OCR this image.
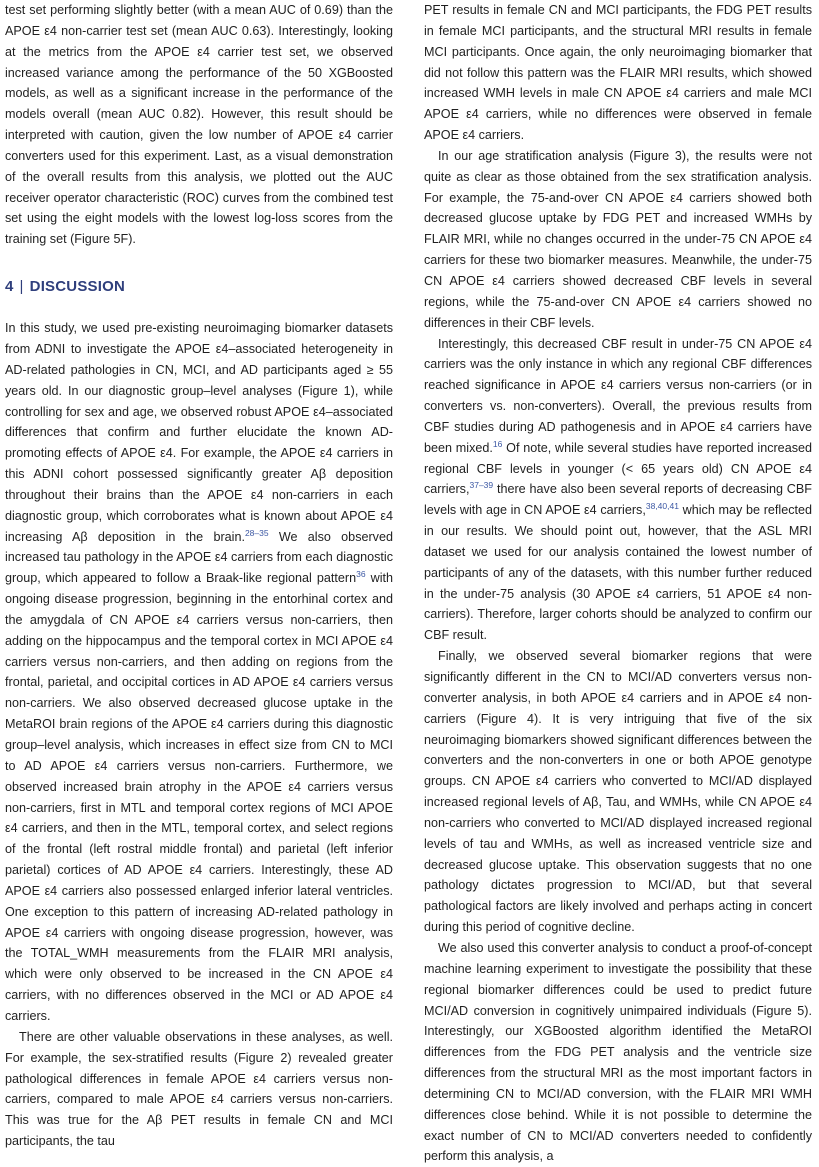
test set performing slightly better (with a mean AUC of 0.69) than the APOE ε4 non-carrier test set (mean AUC 0.63). Interestingly, looking at the metrics from the APOE ε4 carrier test set, we observed increased variance among the performance of the 50 XGBoosted models, as well as a significant increase in the performance of the models overall (mean AUC 0.82). However, this result should be interpreted with caution, given the low number of APOE ε4 carrier converters used for this experiment. Last, as a visual demonstration of the overall results from this analysis, we plotted out the AUC receiver operator characteristic (ROC) curves from the combined test set using the eight models with the lowest log-loss scores from the training set (Figure 5F).

4 | DISCUSSION

In this study, we used pre-existing neuroimaging biomarker datasets from ADNI to investigate the APOE ε4–associated heterogeneity in AD-related pathologies in CN, MCI, and AD participants aged ≥ 55 years old. In our diagnostic group–level analyses (Figure 1), while controlling for sex and age, we observed robust APOE ε4–associated differences that confirm and further elucidate the known AD-promoting effects of APOE ε4. For example, the APOE ε4 carriers in this ADNI cohort possessed significantly greater Aβ deposition throughout their brains than the APOE ε4 non-carriers in each diagnostic group, which corroborates what is known about APOE ε4 increasing Aβ deposition in the brain.$^{28-35}$ We also observed increased tau pathology in the APOE ε4 carriers from each diagnostic group, which appeared to follow a Braak-like regional pattern$^{36}$ with ongoing disease progression, beginning in the entorhinal cortex and the amygdala of CN APOE ε4 carriers versus non-carriers, then adding on the hippocampus and the temporal cortex in MCI APOE ε4 carriers versus non-carriers, and then adding on regions from the frontal, parietal, and occipital cortices in AD APOE ε4 carriers versus non-carriers. We also observed decreased glucose uptake in the MetaROI brain regions of the APOE ε4 carriers during this diagnostic group–level analysis, which increases in effect size from CN to MCI to AD APOE ε4 carriers versus non-carriers. Furthermore, we observed increased brain atrophy in the APOE ε4 carriers versus non-carriers, first in MTL and temporal cortex regions of MCI APOE ε4 carriers, and then in the MTL, temporal cortex, and select regions of the frontal (left rostral middle frontal) and parietal (left inferior parietal) cortices of AD APOE ε4 carriers. Interestingly, these AD APOE ε4 carriers also possessed enlarged inferior lateral ventricles. One exception to this pattern of increasing AD-related pathology in APOE ε4 carriers with ongoing disease progression, however, was the TOTAL_WMH measurements from the FLAIR MRI analysis, which were only observed to be increased in the CN APOE ε4 carriers, with no differences observed in the MCI or AD APOE ε4 carriers.

There are other valuable observations in these analyses, as well. For example, the sex-stratified results (Figure 2) revealed greater pathological differences in female APOE ε4 carriers versus non-carriers, compared to male APOE ε4 carriers versus non-carriers. This was true for the Aβ PET results in female CN and MCI participants, the tau

PET results in female CN and MCI participants, the FDG PET results in female MCI participants, and the structural MRI results in female MCI participants. Once again, the only neuroimaging biomarker that did not follow this pattern was the FLAIR MRI results, which showed increased WMH levels in male CN APOE ε4 carriers and male MCI APOE ε4 carriers, while no differences were observed in female APOE ε4 carriers.

In our age stratification analysis (Figure 3), the results were not quite as clear as those obtained from the sex stratification analysis. For example, the 75-and-over CN APOE ε4 carriers showed both decreased glucose uptake by FDG PET and increased WMHs by FLAIR MRI, while no changes occurred in the under-75 CN APOE ε4 carriers for these two biomarker measures. Meanwhile, the under-75 CN APOE ε4 carriers showed decreased CBF levels in several regions, while the 75-and-over CN APOE ε4 carriers showed no differences in their CBF levels.

Interestingly, this decreased CBF result in under-75 CN APOE ε4 carriers was the only instance in which any regional CBF differences reached significance in APOE ε4 carriers versus non-carriers (or in converters vs. non-converters). Overall, the previous results from CBF studies during AD pathogenesis and in APOE ε4 carriers have been mixed.$^{16}$ Of note, while several studies have reported increased regional CBF levels in younger (< 65 years old) CN APOE ε4 carriers,$^{37-39}$ there have also been several reports of decreasing CBF levels with age in CN APOE ε4 carriers,$^{38,40,41}$ which may be reflected in our results. We should point out, however, that the ASL MRI dataset we used for our analysis contained the lowest number of participants of any of the datasets, with this number further reduced in the under-75 analysis (30 APOE ε4 carriers, 51 APOE ε4 non-carriers). Therefore, larger cohorts should be analyzed to confirm our CBF result.

Finally, we observed several biomarker regions that were significantly different in the CN to MCI/AD converters versus non-converter analysis, in both APOE ε4 carriers and in APOE ε4 non-carriers (Figure 4). It is very intriguing that five of the six neuroimaging biomarkers showed significant differences between the converters and the non-converters in one or both APOE genotype groups. CN APOE ε4 carriers who converted to MCI/AD displayed increased regional levels of Aβ, Tau, and WMHs, while CN APOE ε4 non-carriers who converted to MCI/AD displayed increased regional levels of tau and WMHs, as well as increased ventricle size and decreased glucose uptake. This observation suggests that no one pathology dictates progression to MCI/AD, but that several pathological factors are likely involved and perhaps acting in concert during this period of cognitive decline.

We also used this converter analysis to conduct a proof-of-concept machine learning experiment to investigate the possibility that these regional biomarker differences could be used to predict future MCI/AD conversion in cognitively unimpaired individuals (Figure 5). Interestingly, our XGBoosted algorithm identified the MetaROI differences from the FDG PET analysis and the ventricle size differences from the structural MRI as the most important factors in determining CN to MCI/AD conversion, with the FLAIR MRI WMH differences close behind. While it is not possible to determine the exact number of CN to MCI/AD converters needed to confidently perform this analysis, a
